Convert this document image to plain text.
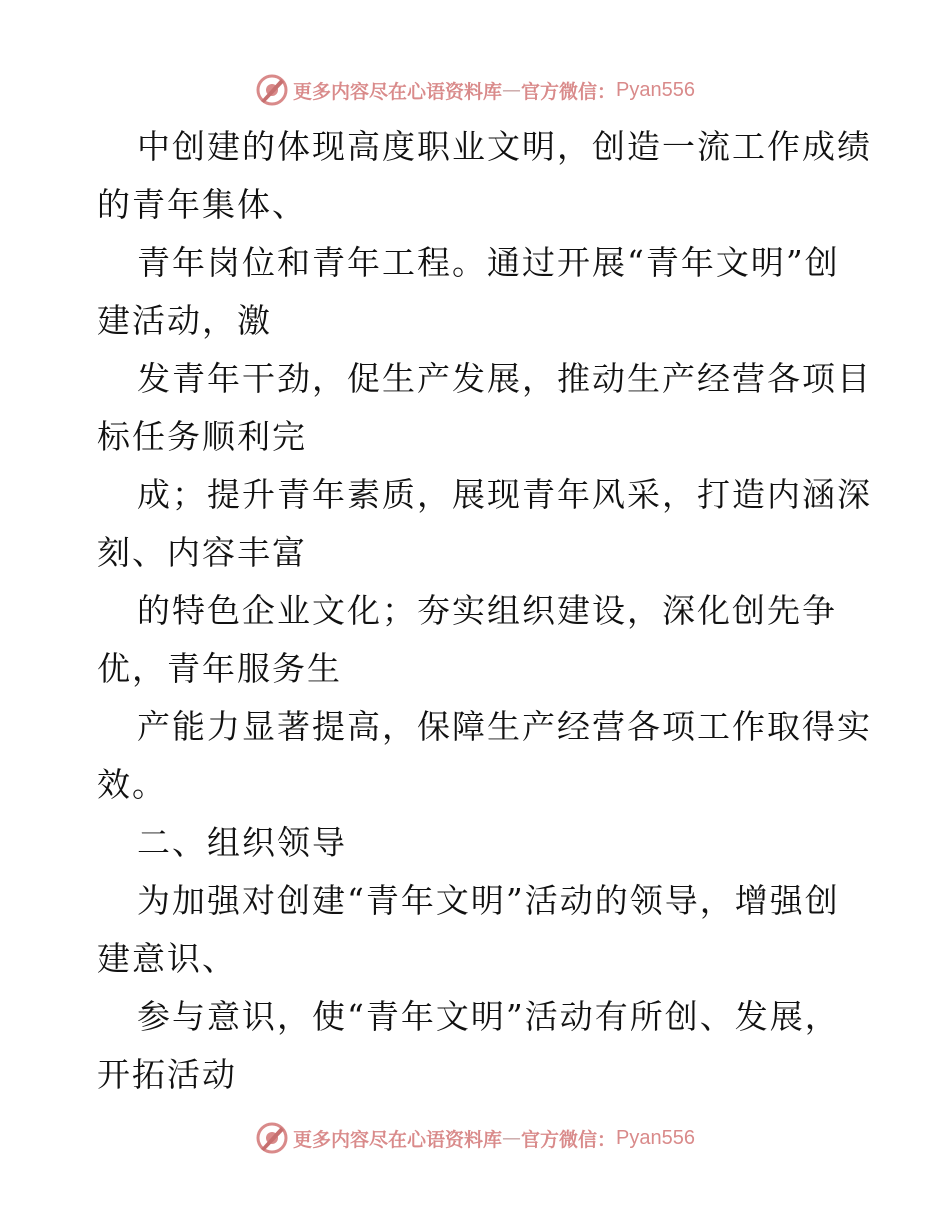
更多内容尽在心语资料库 — 官方微信： Pyan556
中创建的体现高度职业文明，创造一流工作成绩
的青年集体、
青年岗位和青年工程。通过开展“青年文明”创
建活动，激
发青年干劲，促生产发展，推动生产经营各项目
标任务顺利完
成；提升青年素质，展现青年风采，打造内涵深
刻、内容丰富
的特色企业文化；夯实组织建设，深化创先争
优，青年服务生
产能力显著提高，保障生产经营各项工作取得实
效。
二、组织领导
为加强对创建“青年文明”活动的领导，增强创
建意识、
参与意识，使“青年文明”活动有所创、发展，
开拓活动
更多内容尽在心语资料库 — 官方微信： Pyan556
